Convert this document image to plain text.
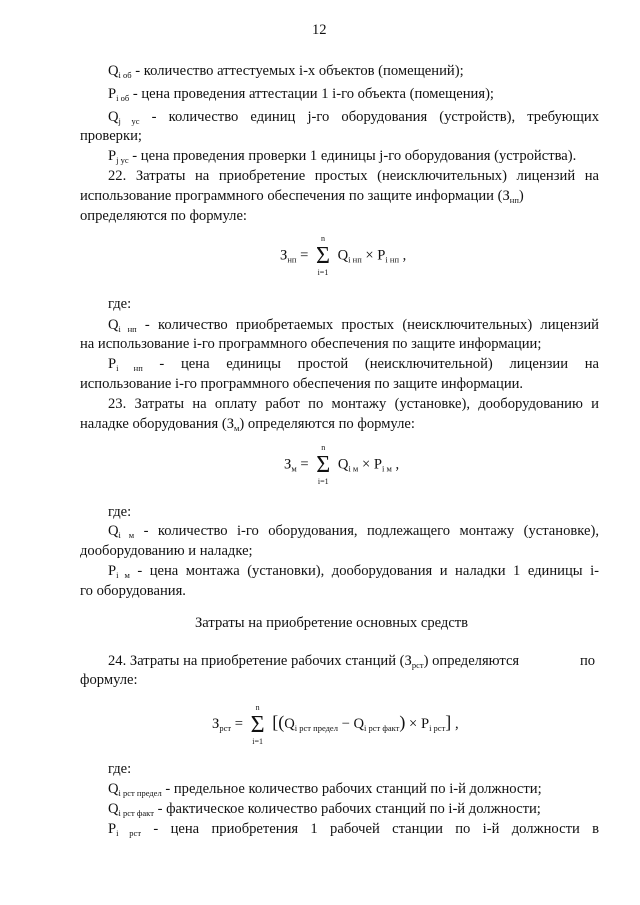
12
$Q_{i об}$ - количество аттестуемых i-х объектов (помещений);
$P_{i об}$ - цена проведения аттестации 1 i-го объекта (помещения);
$Q_{j ус}$ - количество единиц j-го оборудования (устройств), требующих
проверки;
$P_{j ус}$ - цена проведения проверки 1 единицы j-го оборудования (устройства).
22. Затраты на приобретение простых (неисключительных) лицензий на
использование программного обеспечения по защите информации $(З_{нп})$
определяются по формуле:
$З_{нп}$ =
n
Σ
i=1
$Q_{i нп} \times P_{i нп}$ ,
где:
$Q_{i нп}$ - количество приобретаемых простых (неисключительных) лицензий
на использование i-го программного обеспечения по защите информации;
$P_{i нп}$ - цена единицы простой (неисключительной) лицензии на
использование i-го программного обеспечения по защите информации.
23. Затраты на оплату работ по монтажу (установке), дооборудованию и
наладке оборудования $(З_м)$ определяются по формуле:
$З_м$ =
n
Σ
i=1
$Q_{i м} \times P_{i м}$ ,
где:
$Q_{i м}$ - количество i-го оборудования, подлежащего монтажу (установке),
дооборудованию и наладке;
$P_{i м}$ - цена монтажа (установки), дооборудования и наладки 1 единицы i-
го оборудования.
Затраты на приобретение основных средств
24. Затраты на приобретение рабочих станций $(З_{рст})$ определяются	по
формуле:
$З_{рст}$ =
n
Σ
i=1
$[(Q_{i рст предел} - Q_{i рст факт}) \times P_{i рст}]$ ,
где:
$Q_{i рст предел}$ - предельное количество рабочих станций по i-й должности;
$Q_{i рст факт}$ - фактическое количество рабочих станций по i-й должности;
$P_{i рст}$ - цена приобретения 1 рабочей станции по i-й должности в
